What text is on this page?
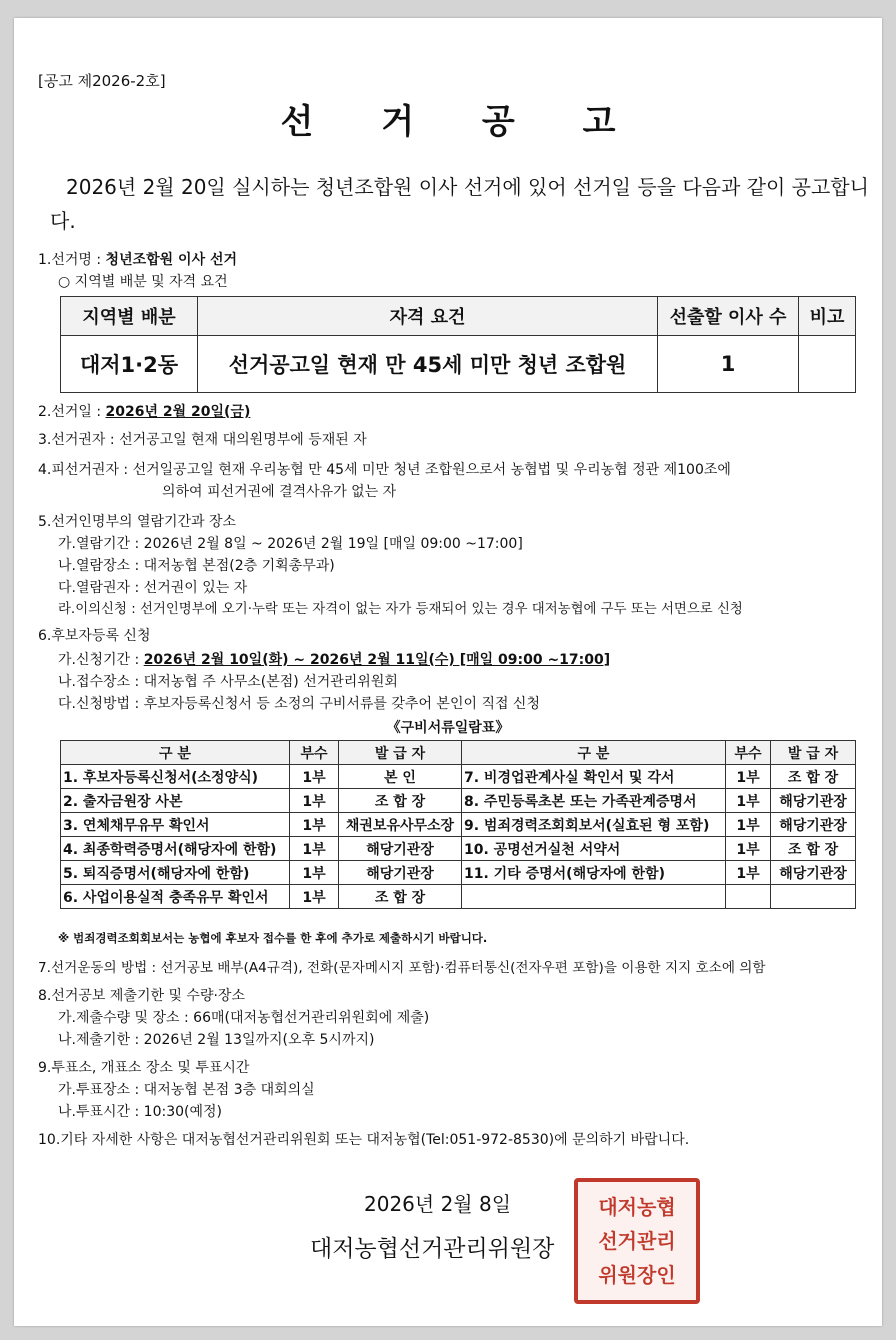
[공고 제2026-2호]
선 거 공 고
2026년 2월 20일 실시하는 청년조합원 이사 선거에 있어 선거일 등을 다음과 같이 공고합니다.
1.선거명 : 청년조합원 이사 선거
○ 지역별 배분 및 자격 요건
지역별 배분	자격 요건	선출할 이사 수	비고
대저1·2동	선거공고일 현재 만 45세 미만 청년 조합원	1	
2.선거일 : 2026년 2월 20일(금)
3.선거권자 : 선거공고일 현재 대의원명부에 등재된 자
4.피선거권자 : 선거일공고일 현재 우리농협 만 45세 미만 청년 조합원으로서 농협법 및 우리농협 정관 제100조에
의하여 피선거권에 결격사유가 없는 자
5.선거인명부의 열람기간과 장소
가.열람기간 : 2026년 2월 8일 ~ 2026년 2월 19일 [매일 09:00 ~17:00]
나.열람장소 : 대저농협 본점(2층 기획총무과)
다.열람권자 : 선거권이 있는 자
라.이의신청 : 선거인명부에 오기·누락 또는 자격이 없는 자가 등재되어 있는 경우 대저농협에 구두 또는 서면으로 신청
6.후보자등록 신청
가.신청기간 : 2026년 2월 10일(화) ~ 2026년 2월 11일(수) [매일 09:00 ~17:00]
나.접수장소 : 대저농협 주 사무소(본점) 선거관리위원회
다.신청방법 : 후보자등록신청서 등 소정의 구비서류를 갖추어 본인이 직접 신청
《구비서류일람표》
구 분	부수	발 급 자	구 분	부수	발 급 자
1. 후보자등록신청서(소정양식)	1부	본 인	7. 비경업관계사실 확인서 및 각서	1부	조 합 장
2. 출자금원장 사본	1부	조 합 장	8. 주민등록초본 또는 가족관계증명서	1부	해당기관장
3. 연체채무유무 확인서	1부	채권보유사무소장	9. 범죄경력조회회보서(실효된 형 포함)	1부	해당기관장
4. 최종학력증명서(해당자에 한함)	1부	해당기관장	10. 공명선거실천 서약서	1부	조 합 장
5. 퇴직증명서(해당자에 한함)	1부	해당기관장	11. 기타 증명서(해당자에 한함)	1부	해당기관장
6. 사업이용실적 충족유무 확인서	1부	조 합 장			
※ 범죄경력조회회보서는 농협에 후보자 접수를 한 후에 추가로 제출하시기 바랍니다.
7.선거운동의 방법 : 선거공보 배부(A4규격), 전화(문자메시지 포함)·컴퓨터통신(전자우편 포함)을 이용한 지지 호소에 의함
8.선거공보 제출기한 및 수량·장소
가.제출수량 및 장소 : 66매(대저농협선거관리위원회에 제출)
나.제출기한 : 2026년 2월 13일까지(오후 5시까지)
9.투표소, 개표소 장소 및 투표시간
가.투표장소 : 대저농협 본점 3층 대회의실
나.투표시간 : 10:30(예정)
10.기타 자세한 사항은 대저농협선거관리위원회 또는 대저농협(Tel:051-972-8530)에 문의하기 바랍니다.
2026년 2월 8일
대저농협선거관리위원장
대저농협선거관리위원장인
